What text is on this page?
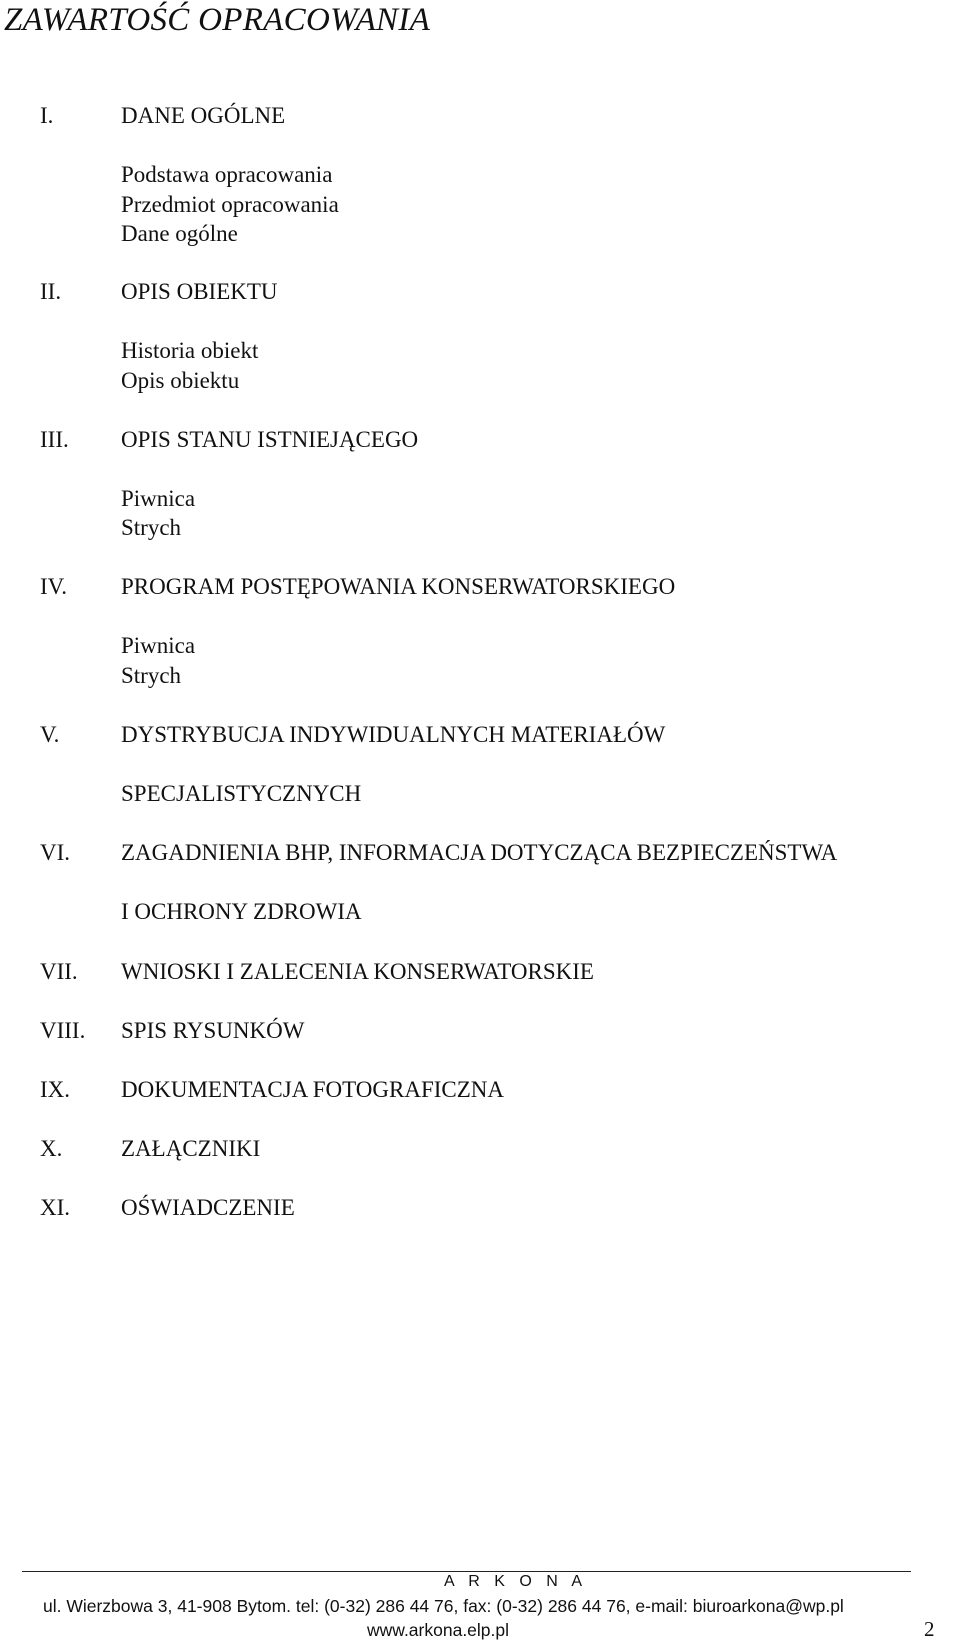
ZAWARTOŚĆ OPRACOWANIA
I.	DANE OGÓLNE
Podstawa opracowania
Przedmiot opracowania
Dane ogólne
II.	OPIS OBIEKTU
Historia obiekt
Opis obiektu
III. OPIS STANU ISTNIEJĄCEGO
Piwnica
Strych
IV. PROGRAM POSTĘPOWANIA KONSERWATORSKIEGO
Piwnica
Strych
V.	DYSTRYBUCJA INDYWIDUALNYCH MATERIAŁÓW
SPECJALISTYCZNYCH
VI. ZAGADNIENIA BHP, INFORMACJA DOTYCZĄCA BEZPIECZEŃSTWA
I OCHRONY ZDROWIA
VII. WNIOSKI I ZALECENIA KONSERWATORSKIE
VIII. SPIS RYSUNKÓW
IX. DOKUMENTACJA FOTOGRAFICZNA
X.	ZAŁĄCZNIKI
XI. OŚWIADCZENIE
A R K O N A
ul. Wierzbowa 3, 41-908 Bytom. tel: (0-32) 286 44 76, fax: (0-32) 286 44 76, e-mail: biuroarkona@wp.pl
www.arkona.elp.pl	2
